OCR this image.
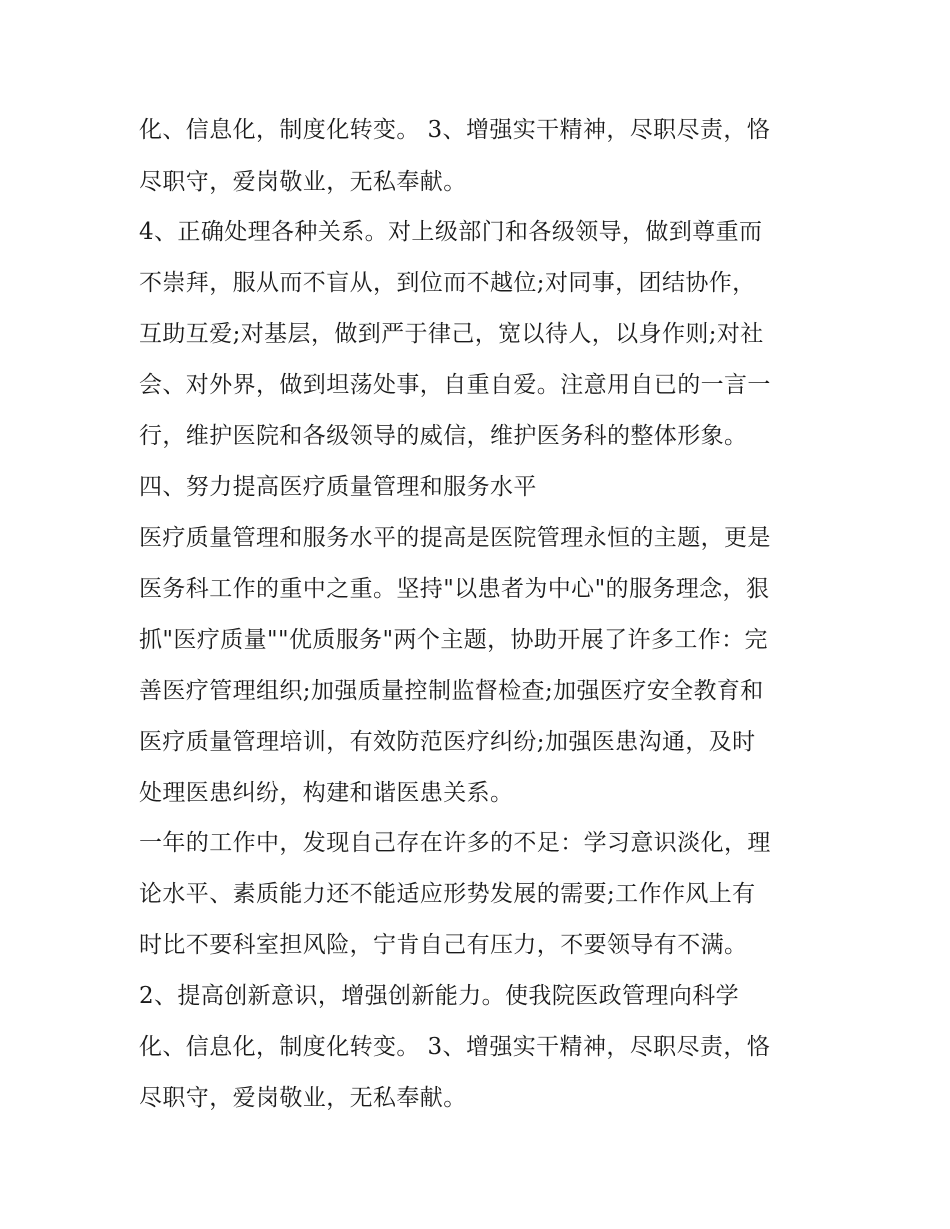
化、信息化，制度化转变。 3、增强实干精神，尽职尽责，恪
尽职守，爱岗敬业，无私奉献。
4、正确处理各种关系。对上级部门和各级领导，做到尊重而
不崇拜，服从而不盲从，到位而不越位;对同事，团结协作，
互助互爱;对基层，做到严于律己，宽以待人，以身作则;对社
会、对外界，做到坦荡处事，自重自爱。注意用自已的一言一
行，维护医院和各级领导的威信，维护医务科的整体形象。
四、努力提高医疗质量管理和服务水平
医疗质量管理和服务水平的提高是医院管理永恒的主题，更是
医务科工作的重中之重。坚持"以患者为中心"的服务理念，狠
抓"医疗质量""优质服务"两个主题，协助开展了许多工作：完
善医疗管理组织;加强质量控制监督检查;加强医疗安全教育和
医疗质量管理培训，有效防范医疗纠纷;加强医患沟通，及时
处理医患纠纷，构建和谐医患关系。
一年的工作中，发现自己存在许多的不足：学习意识淡化，理
论水平、素质能力还不能适应形势发展的需要;工作作风上有
时比不要科室担风险，宁肯自己有压力，不要领导有不满。
2、提高创新意识，增强创新能力。使我院医政管理向科学
化、信息化，制度化转变。 3、增强实干精神，尽职尽责，恪
尽职守，爱岗敬业，无私奉献。
